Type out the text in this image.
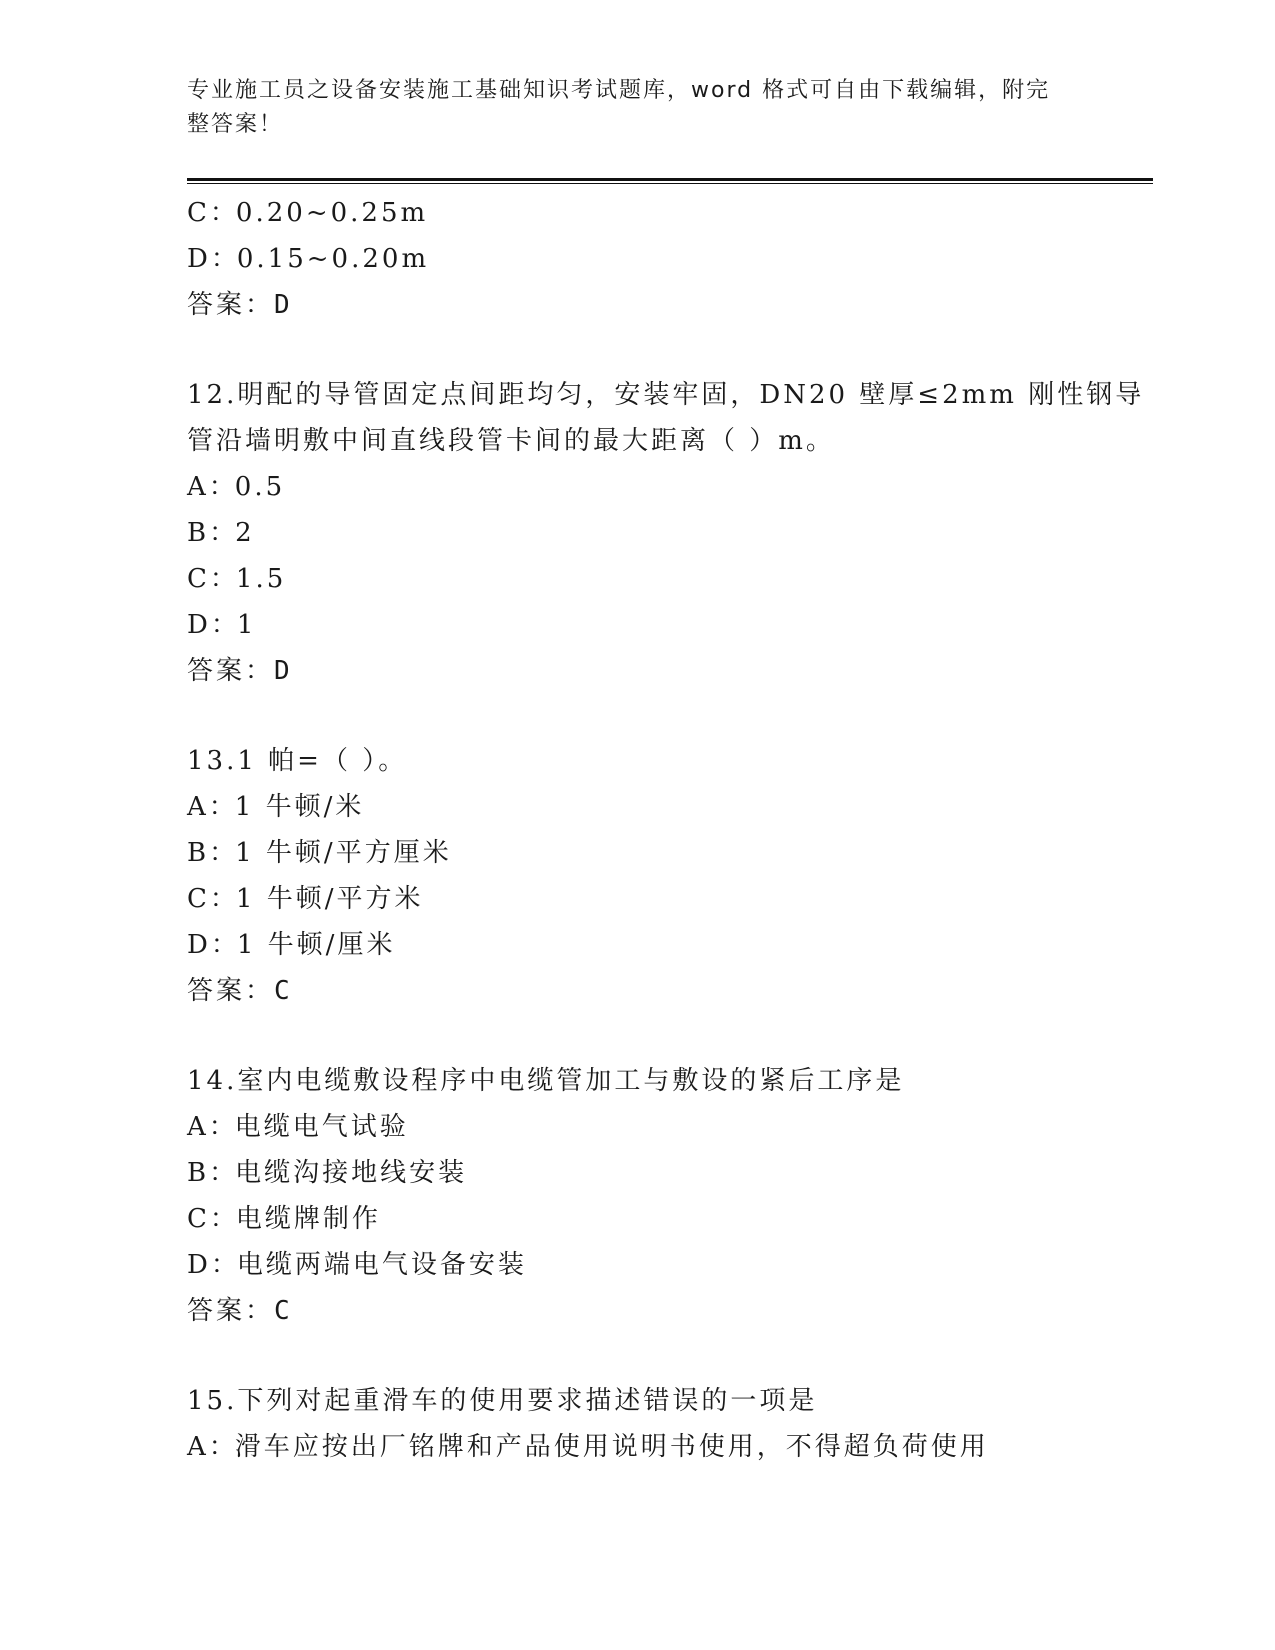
专业施工员之设备安装施工基础知识考试题库，word 格式可自由下载编辑，附完
整答案！
C：0.20~0.25m
D：0.15~0.20m
答案：D
12.明配的导管固定点间距均匀，安装牢固，DN20 壁厚≤2mm 刚性钢导
管沿墙明敷中间直线段管卡间的最大距离（ ）m。
A：0.5
B：2
C：1.5
D：1
答案：D
13.1 帕=（ ）。
A：1 牛顿/米
B：1 牛顿/平方厘米
C：1 牛顿/平方米
D：1 牛顿/厘米
答案：C
14.室内电缆敷设程序中电缆管加工与敷设的紧后工序是
A：电缆电气试验
B：电缆沟接地线安装
C：电缆牌制作
D：电缆两端电气设备安装
答案：C
15.下列对起重滑车的使用要求描述错误的一项是
A：滑车应按出厂铭牌和产品使用说明书使用，不得超负荷使用
